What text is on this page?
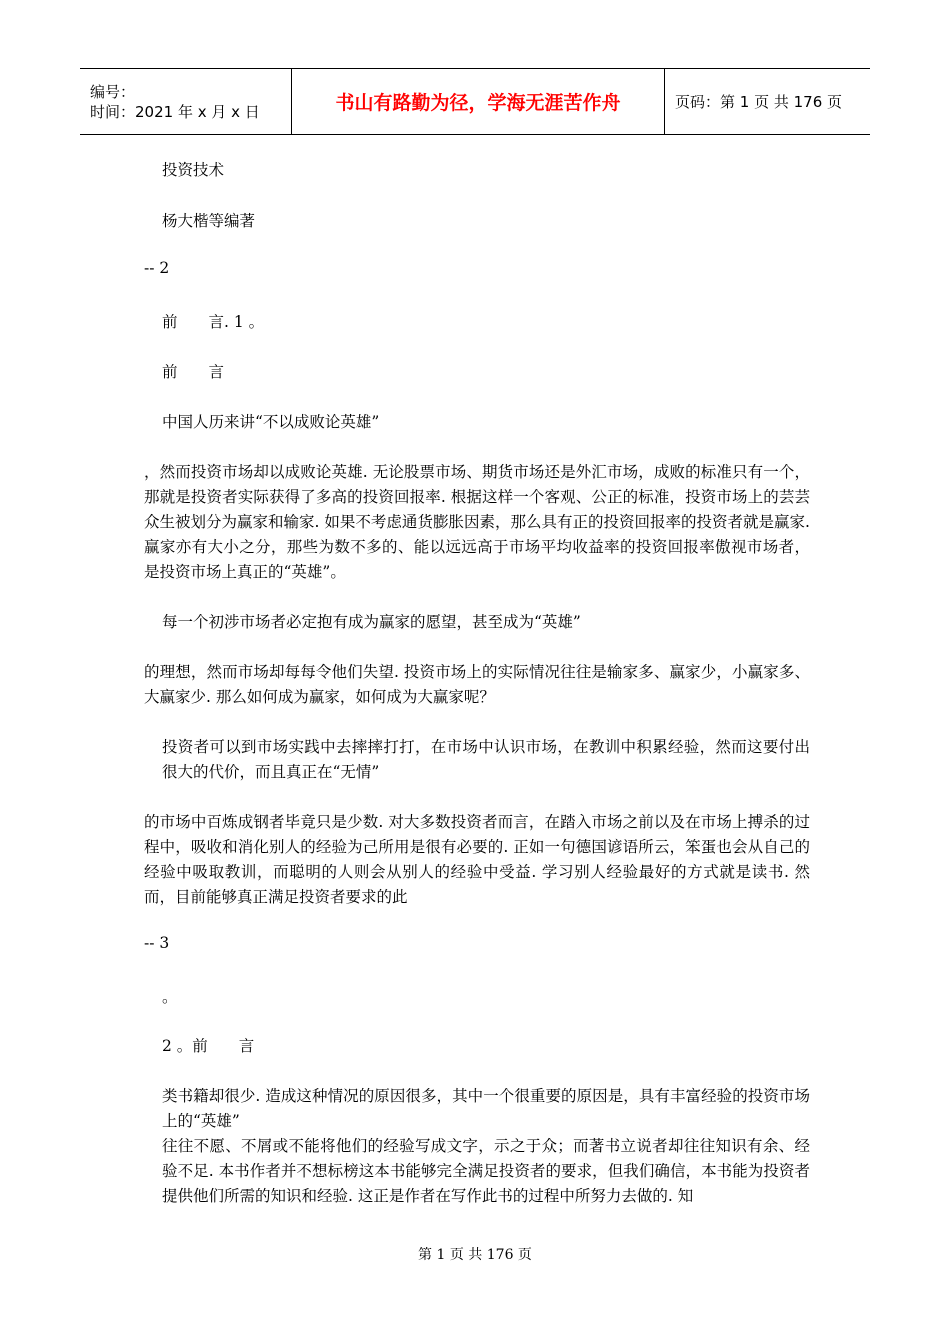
编号：
时间：2021 年 x 月 x 日	书山有路勤为径，学海无涯苦作舟	页码：第 1 页 共 176 页

投资技术

杨大楷等编著

-- 2

前　　言. 1 。

前　　言

中国人历来讲“不以成败论英雄”

，然而投资市场却以成败论英雄. 无论股票市场、期货市场还是外汇市场，成败的标准只有一个，那就是投资者实际获得了多高的投资回报率. 根据这样一个客观、公正的标准，投资市场上的芸芸众生被划分为赢家和输家. 如果不考虑通货膨胀因素，那么具有正的投资回报率的投资者就是赢家. 赢家亦有大小之分，那些为数不多的、能以远远高于市场平均收益率的投资回报率傲视市场者，是投资市场上真正的“英雄”。

每一个初涉市场者必定抱有成为赢家的愿望，甚至成为“英雄”

的理想，然而市场却每每令他们失望. 投资市场上的实际情况往往是输家多、赢家少，小赢家多、大赢家少. 那么如何成为赢家，如何成为大赢家呢？

投资者可以到市场实践中去摔摔打打，在市场中认识市场，在教训中积累经验，然而这要付出很大的代价，而且真正在“无情”

的市场中百炼成钢者毕竟只是少数. 对大多数投资者而言，在踏入市场之前以及在市场上搏杀的过程中，吸收和消化别人的经验为己所用是很有必要的. 正如一句德国谚语所云，笨蛋也会从自己的经验中吸取教训，而聪明的人则会从别人的经验中受益. 学习别人经验最好的方式就是读书. 然而，目前能够真正满足投资者要求的此

-- 3

。

2 。前　　言

类书籍却很少. 造成这种情况的原因很多，其中一个很重要的原因是，具有丰富经验的投资市场上的“英雄”

往往不愿、不屑或不能将他们的经验写成文字，示之于众；而著书立说者却往往知识有余、经验不足. 本书作者并不想标榜这本书能够完全满足投资者的要求，但我们确信，本书能为投资者提供他们所需的知识和经验. 这正是作者在写作此书的过程中所努力去做的. 知

第 1 页 共 176 页
